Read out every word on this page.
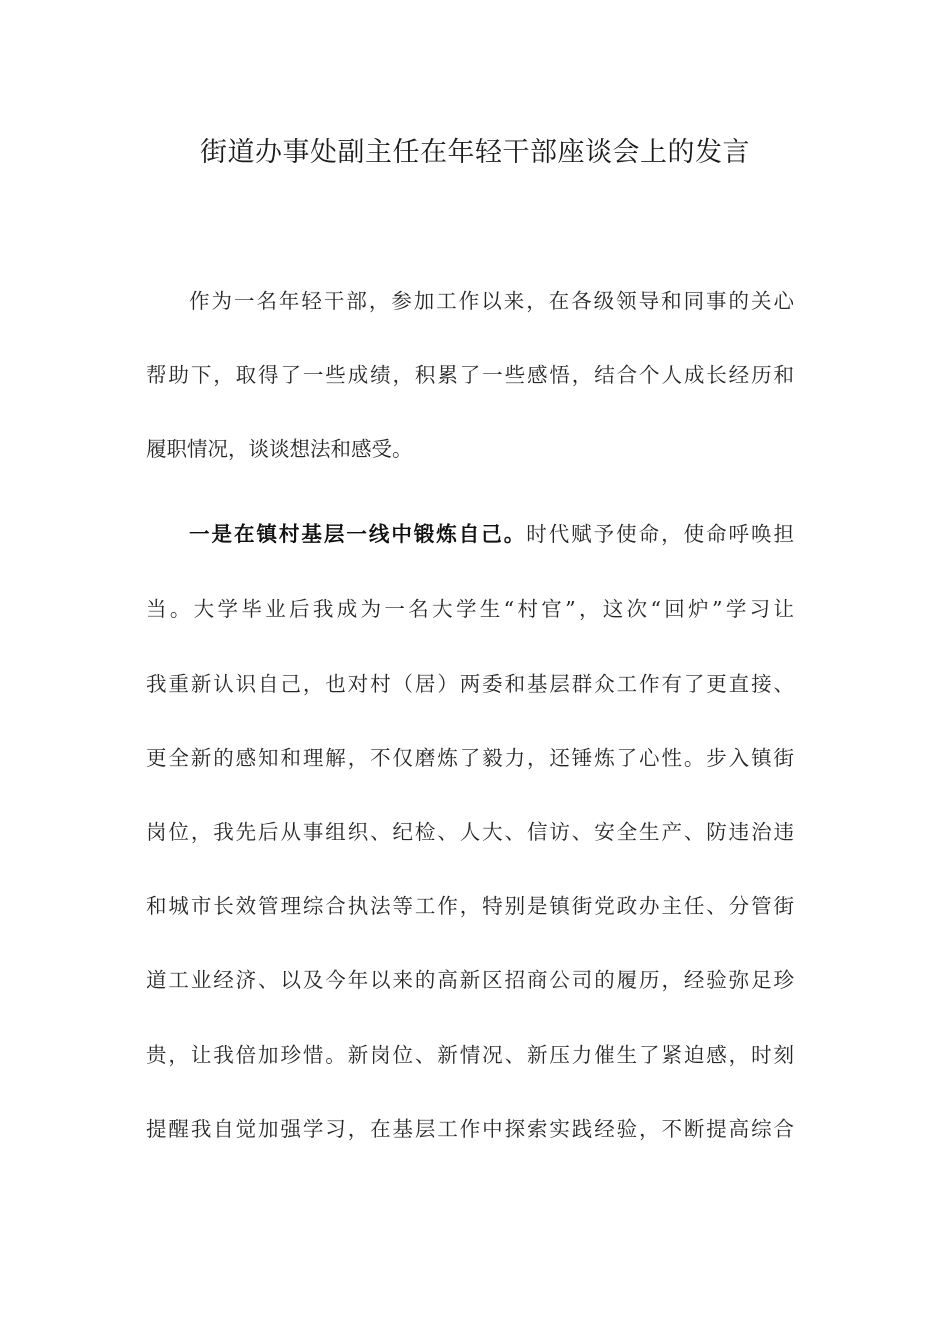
街道办事处副主任在年轻干部座谈会上的发言
作为一名年轻干部，参加工作以来，在各级领导和同事的关心
帮助下，取得了一些成绩，积累了一些感悟，结合个人成长经历和
履职情况，谈谈想法和感受。
一是在镇村基层一线中锻炼自己。时代赋予使命，使命呼唤担
当。大学毕业后我成为一名大学生“村官”，这次“回炉”学习让
我重新认识自己，也对村（居）两委和基层群众工作有了更直接、
更全新的感知和理解，不仅磨炼了毅力，还锤炼了心性。步入镇街
岗位，我先后从事组织、纪检、人大、信访、安全生产、防违治违
和城市长效管理综合执法等工作，特别是镇街党政办主任、分管街
道工业经济、以及今年以来的高新区招商公司的履历，经验弥足珍
贵，让我倍加珍惜。新岗位、新情况、新压力催生了紧迫感，时刻
提醒我自觉加强学习，在基层工作中探索实践经验，不断提高综合
